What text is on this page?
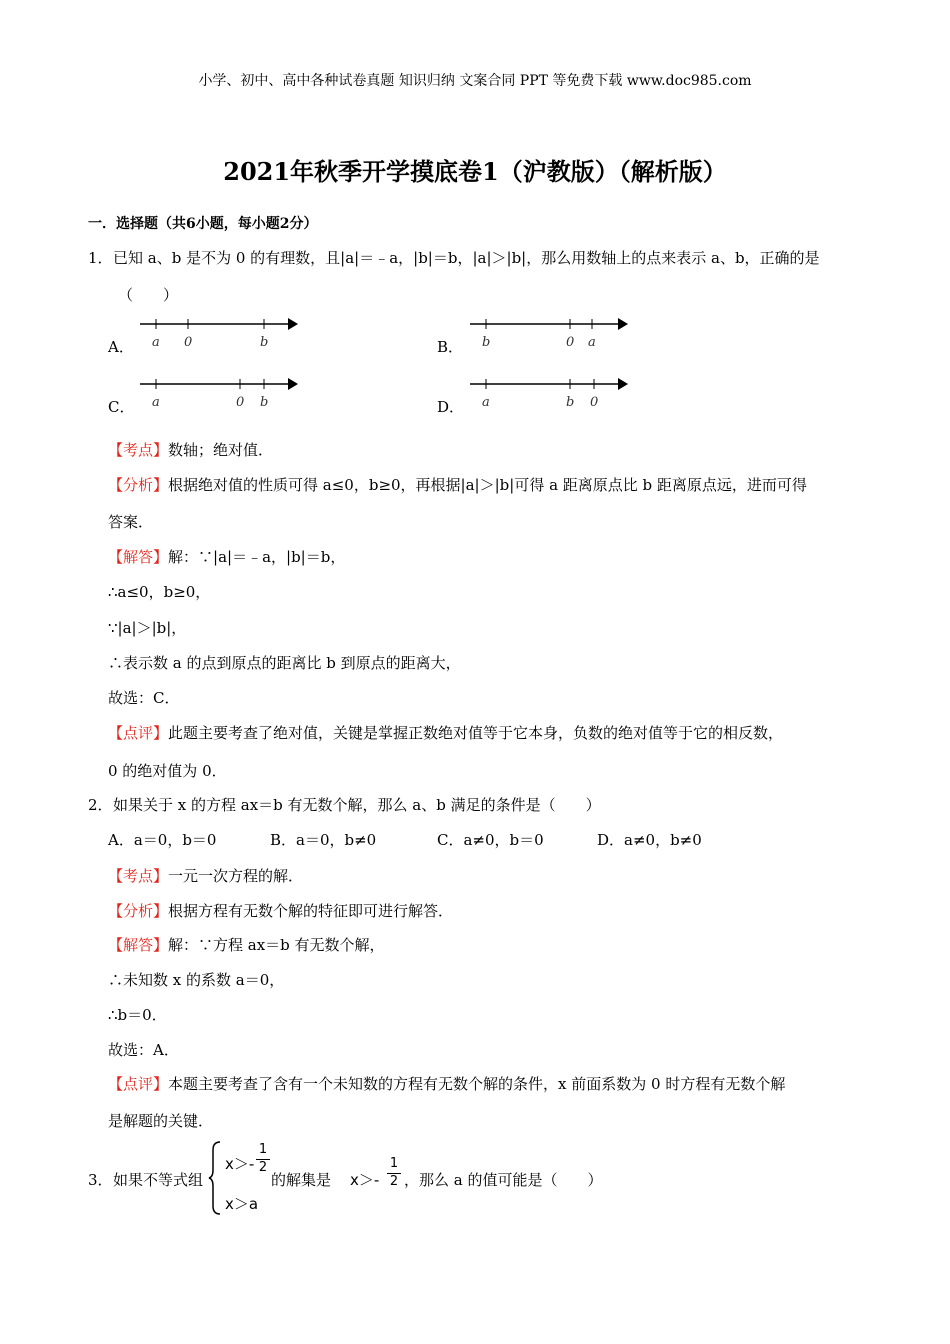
小学、初中、高中各种试卷真题 知识归纳 文案合同 PPT 等免费下载 www.doc985.com
2021年秋季开学摸底卷1（沪教版）（解析版）
一．选择题（共6小题，每小题2分）
1． 已知 a、b 是不为 0 的有理数，且|a|＝﹣a，|b|＝b，|a|＞|b|，那么用数轴上的点来表示 a、b，正确的是
（　　）
A． a 0	b	B． b	0 a
C． a	0 b	D． a	b 0
【考点】数轴；绝对值．
【分析】根据绝对值的性质可得 a≤0，b≥0，再根据|a|＞|b|可得 a 距离原点比 b 距离原点远，进而可得
答案．
【解答】解：∵|a|＝﹣a，|b|＝b，
∴a≤0，b≥0，
∵|a|＞|b|，
∴表示数 a 的点到原点的距离比 b 到原点的距离大，
故选：C．
【点评】此题主要考查了绝对值，关键是掌握正数绝对值等于它本身，负数的绝对值等于它的相反数，
0 的绝对值为 0．
2． 如果关于 x 的方程 ax＝b 有无数个解，那么 a、b 满足的条件是（　　）
A．a＝0，b＝0	B．a＝0，b≠0	C．a≠0，b＝0	D．a≠0，b≠0
【考点】一元一次方程的解．
【分析】根据方程有无数个解的特征即可进行解答．
【解答】解：∵方程 ax＝b 有无数个解，
∴未知数 x 的系数 a＝0，
∴b＝0．
故选：A．
【点评】本题主要考查了含有一个未知数的方程有无数个解的条件，x 前面系数为 0 时方程有无数个解
是解题的关键．
3． 如果不等式组
x＞-
1
2
x＞a
的解集是 x＞-
1
2 ，那么 a 的值可能是（　　）
